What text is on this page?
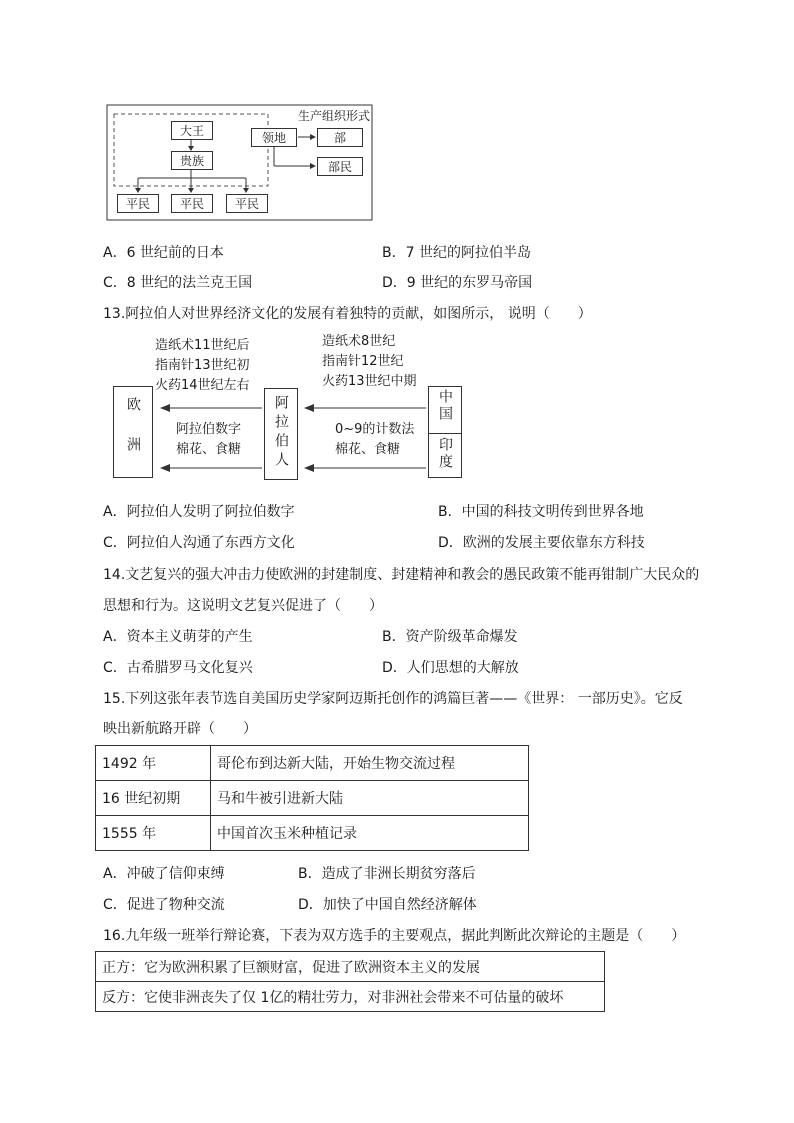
生产组织形式
大王
贵族
领地	部
部民
平民	平民	平民
A．6 世纪前的日本	B．7 世纪的阿拉伯半岛
C．8 世纪的法兰克王国	D．9 世纪的东罗马帝国
13.阿拉伯人对世界经济文化的发展有着独特的贡献，如图所示， 说明（　　）
欧洲	阿拉伯人	中国
印度
造纸术11世纪后
指南针13世纪初
火药14世纪左右
造纸术8世纪
指南针12世纪
火药13世纪中期
阿拉伯数字
棉花、食糖
0~9的计数法
棉花、食糖
A．阿拉伯人发明了阿拉伯数字	B．中国的科技文明传到世界各地
C．阿拉伯人沟通了东西方文化	D．欧洲的发展主要依靠东方科技
14.文艺复兴的强大冲击力使欧洲的封建制度、封建精神和教会的愚民政策不能再钳制广大民众的
思想和行为。这说明文艺复兴促进了（　　）
A．资本主义萌芽的产生	B．资产阶级革命爆发
C．古希腊罗马文化复兴	D．人们思想的大解放
15.下列这张年表节选自美国历史学家阿迈斯托创作的鸿篇巨著——《世界： 一部历史》。它反
映出新航路开辟（　　）
1492 年	哥伦布到达新大陆，开始生物交流过程
16 世纪初期	马和牛被引进新大陆
1555 年	中国首次玉米种植记录
A．冲破了信仰束缚	B．造成了非洲长期贫穷落后
C．促进了物种交流	D．加快了中国自然经济解体
16.九年级一班举行辩论赛，下表为双方选手的主要观点，据此判断此次辩论的主题是（　　）
正方：它为欧洲积累了巨额财富，促进了欧洲资本主义的发展
反方：它使非洲丧失了仅 1亿的精壮劳力，对非洲社会带来不可估量的破坏
